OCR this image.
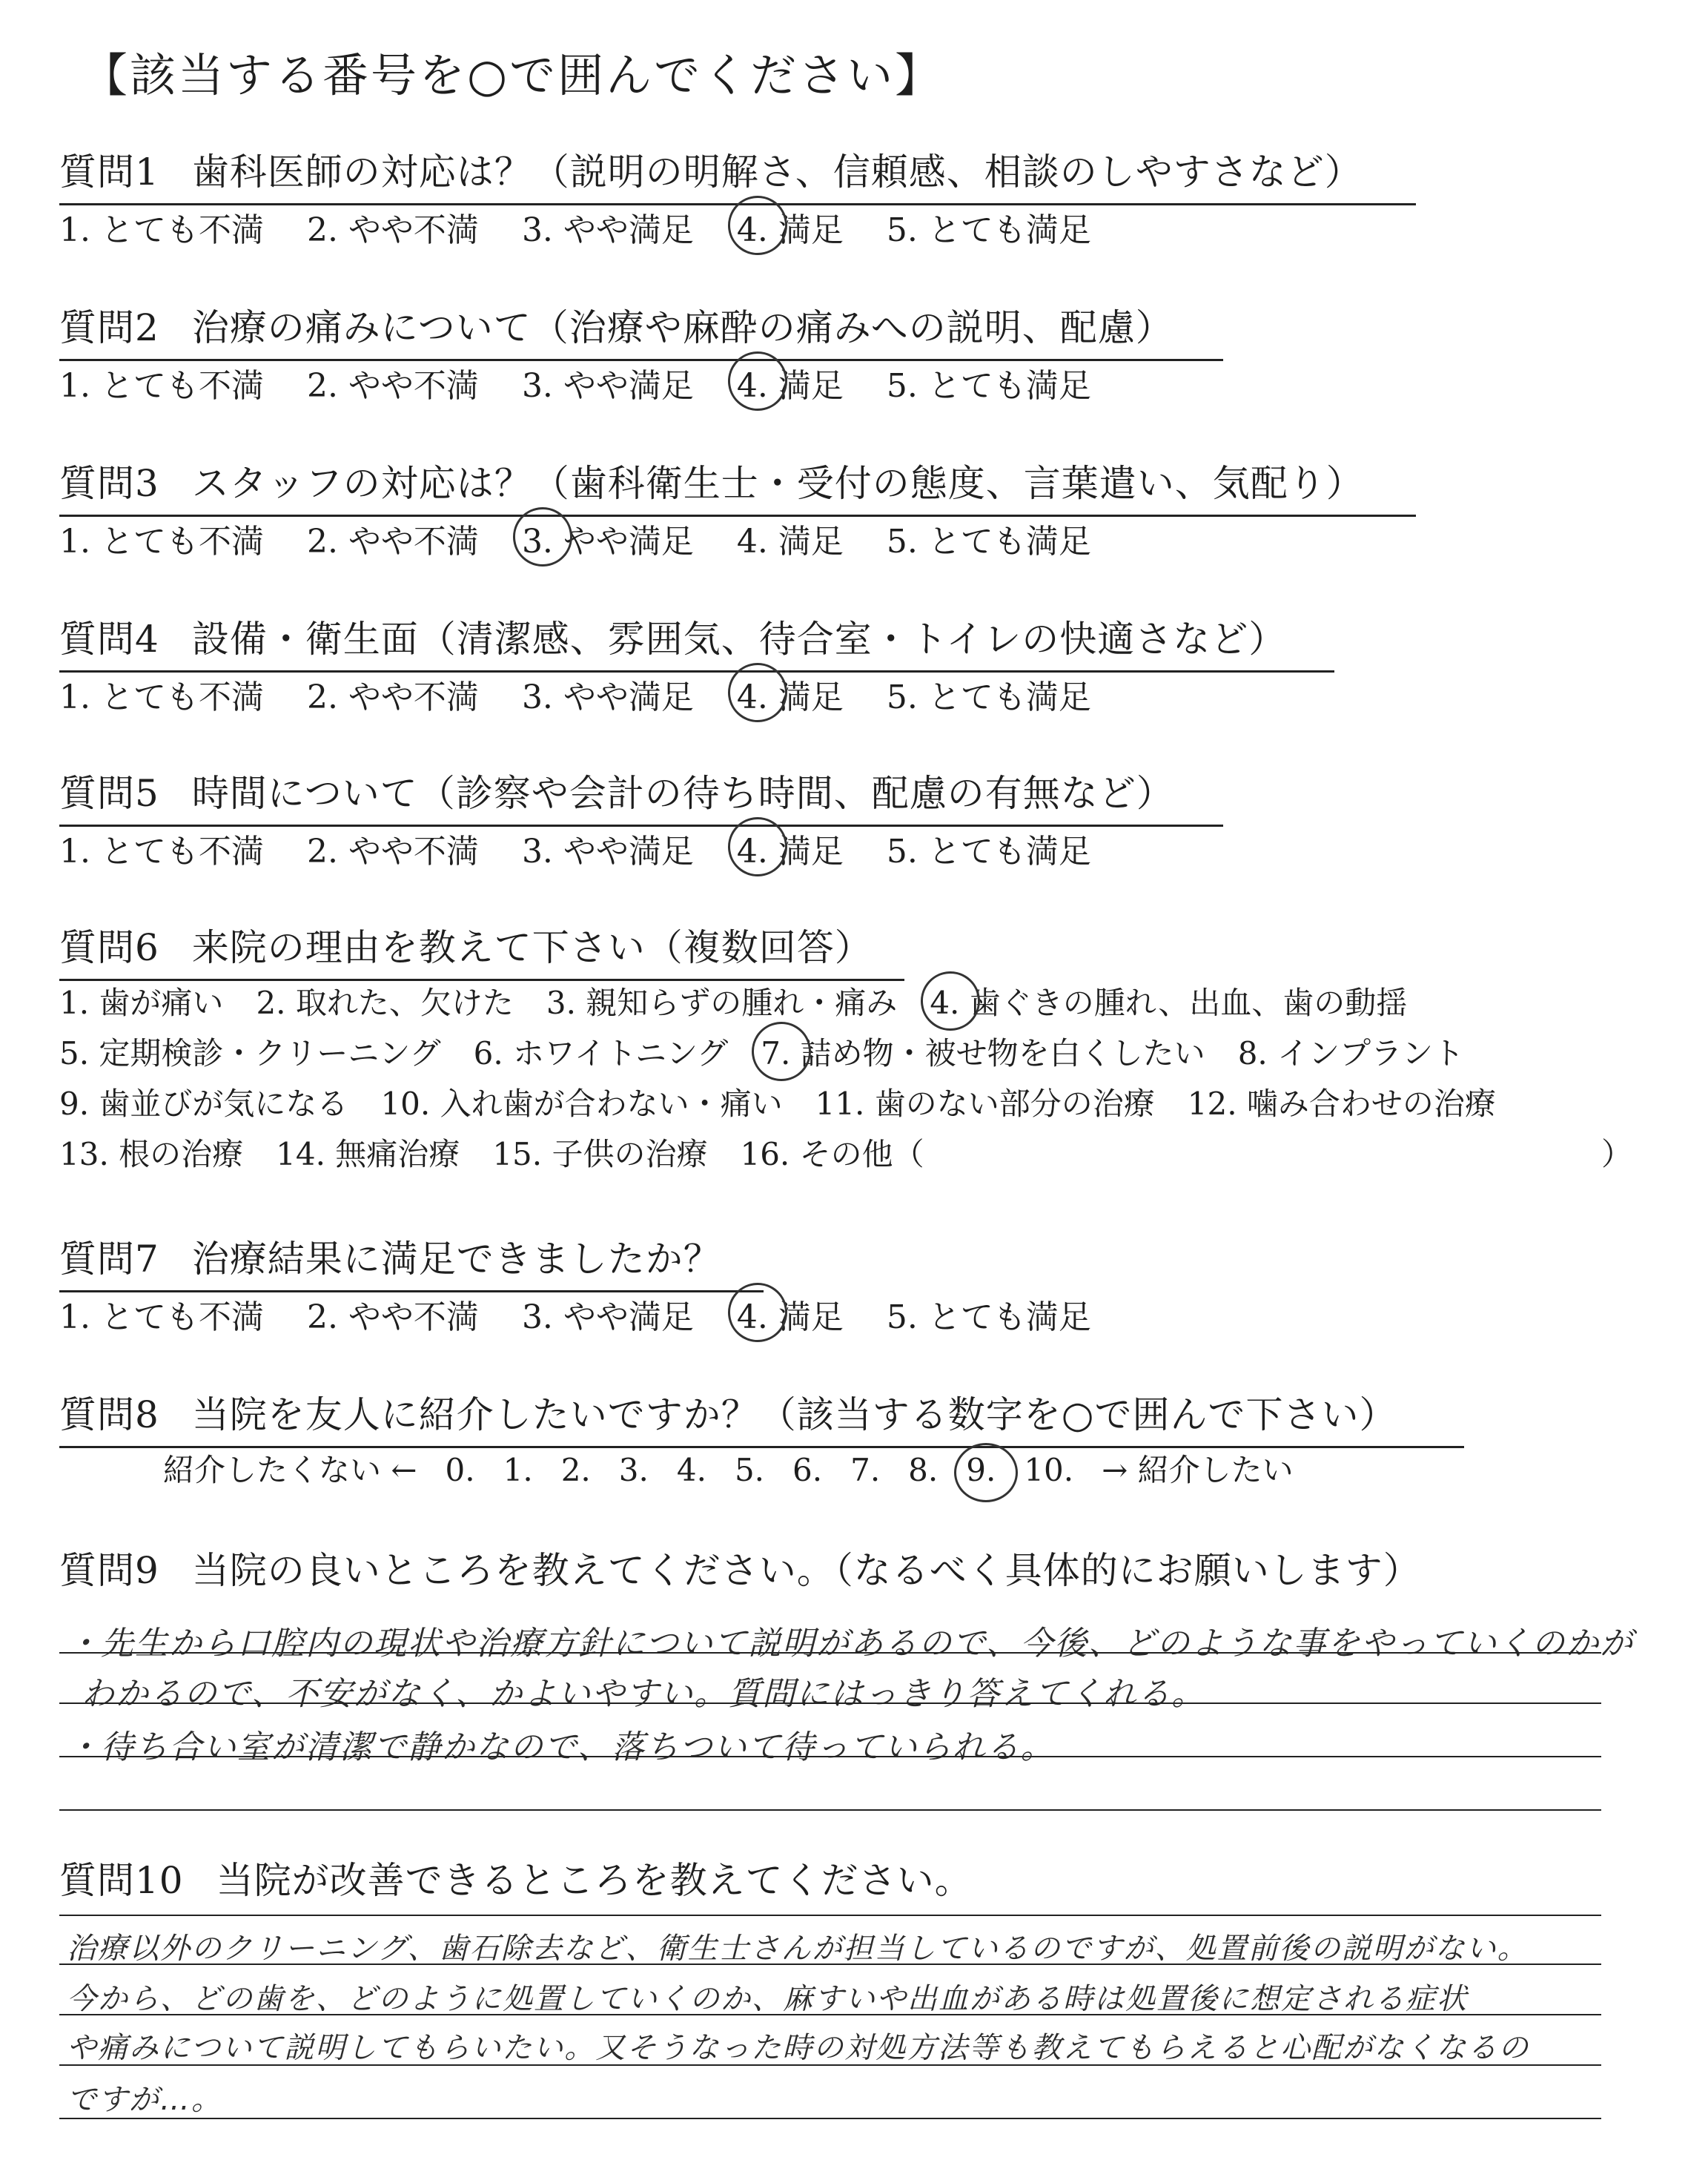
【該当する番号を○で囲んでください】
質問1 歯科医師の対応は？（説明の明解さ、信頼感、相談のしやすさなど）
1. とても不満 2. やや不満 3. やや満足 4. 満足 5. とても満足
質問2 治療の痛みについて（治療や麻酔の痛みへの説明、配慮）
1. とても不満 2. やや不満 3. やや満足 4. 満足 5. とても満足
質問3 スタッフの対応は？（歯科衛生士・受付の態度、言葉遣い、気配り）
1. とても不満 2. やや不満 3. やや満足 4. 満足 5. とても満足
質問4 設備・衛生面（清潔感、雰囲気、待合室・トイレの快適さなど）
1. とても不満 2. やや不満 3. やや満足 4. 満足 5. とても満足
質問5 時間について（診察や会計の待ち時間、配慮の有無など）
1. とても不満 2. やや不満 3. やや満足 4. 満足 5. とても満足
質問6 来院の理由を教えて下さい（複数回答）
1. 歯が痛い 2. 取れた、欠けた 3. 親知らずの腫れ・痛み 4. 歯ぐきの腫れ、出血、歯の動揺
5. 定期検診・クリーニング 6. ホワイトニング 7. 詰め物・被せ物を白くしたい 8. インプラント
9. 歯並びが気になる 10. 入れ歯が合わない・痛い 11. 歯のない部分の治療 12. 噛み合わせの治療
13. 根の治療 14. 無痛治療 15. 子供の治療 16. その他（	）
質問7 治療結果に満足できましたか？
1. とても不満 2. やや不満 3. やや満足 4. 満足 5. とても満足
質問8 当院を友人に紹介したいですか？（該当する数字を○で囲んで下さい）
紹介したくない ← 0. 1. 2. 3. 4. 5. 6. 7. 8. 9. 10. → 紹介したい
質問9 当院の良いところを教えてください。（なるべく具体的にお願いします）
・先生から口腔内の現状や治療方針について説明があるので、今後、どのような事をやっていくのかが
わかるので、不安がなく、かよいやすい。質問にはっきり答えてくれる。
・待ち合い室が清潔で静かなので、落ちついて待っていられる。
質問10 当院が改善できるところを教えてください。
治療以外のクリーニング、歯石除去など、衛生士さんが担当しているのですが、処置前後の説明がない。
今から、どの歯を、どのように処置していくのか、麻すいや出血がある時は処置後に想定される症状
や痛みについて説明してもらいたい。又そうなった時の対処方法等も教えてもらえると心配がなくなるの
ですが…。
